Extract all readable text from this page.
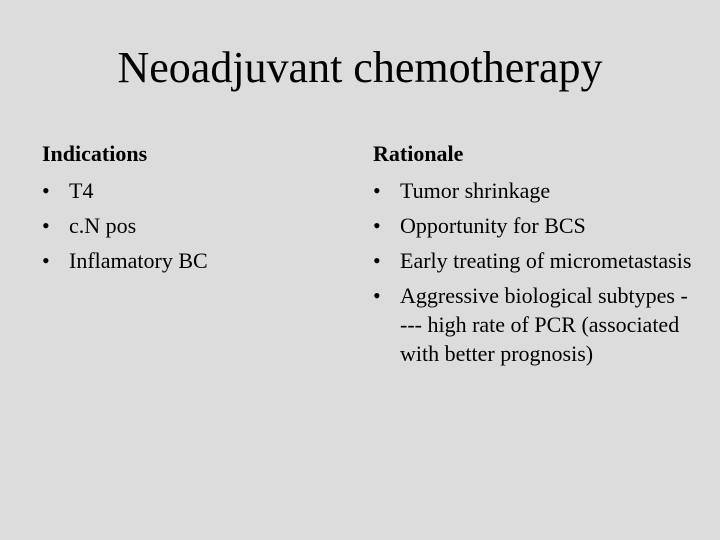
Neoadjuvant chemotherapy
Indications
• T4
• c.N pos
• Inflamatory BC
Rationale
• Tumor shrinkage
• Opportunity for BCS
• Early treating of micrometastasis
• Aggressive biological subtypes ---- high rate of PCR (associated with better prognosis)
